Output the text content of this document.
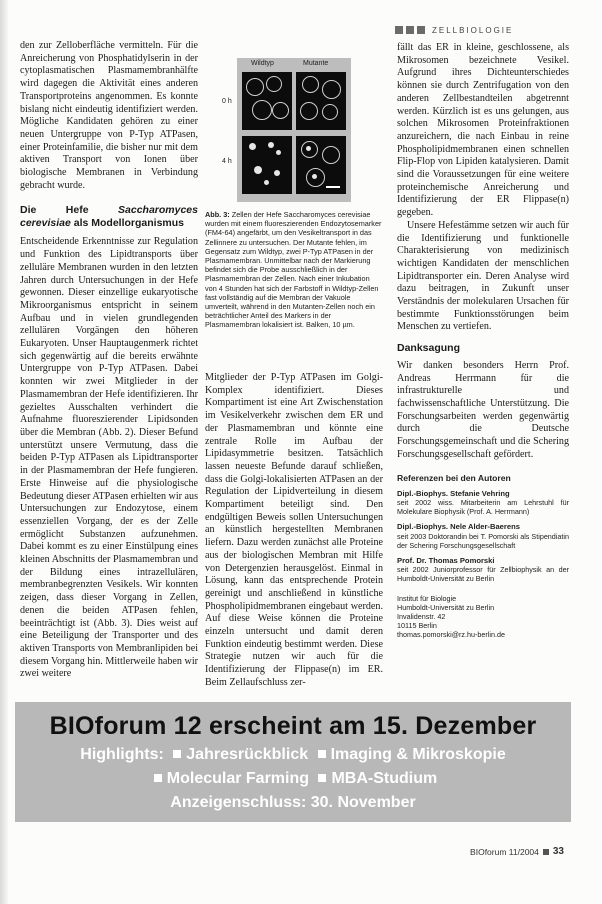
ZELLBIOLOGIE

den zur Zelloberfläche vermitteln. Für die Anreicherung von Phosphatidylserin in der cytoplasmatischen Plasmamembranhälfte wird dagegen die Aktivität eines anderen Transportproteins angenommen. Es konnte bislang nicht eindeutig identifiziert werden. Mögliche Kandidaten gehören zu einer neuen Untergruppe von P-Typ ATPasen, einer Proteinfamilie, die bisher nur mit dem aktiven Transport von Ionen über biologische Membranen in Verbindung gebracht wurde.

Die Hefe Saccharomyces cerevisiae als Modellorganismus

Entscheidende Erkenntnisse zur Regulation und Funktion des Lipidtransports über zelluläre Membranen wurden in den letzten Jahren durch Untersuchungen in der Hefe gewonnen. Dieser einzellige eukaryotische Mikroorganismus entspricht in seinem Aufbau und in vielen grundlegenden zellulären Vorgängen den höheren Eukaryoten. Unser Hauptaugenmerk richtet sich gegenwärtig auf die bereits erwähnte Untergruppe von P-Typ ATPasen. Dabei konnten wir zwei Mitglieder in der Plasmamembran der Hefe identifizieren. Ihr gezieltes Ausschalten verhindert die Aufnahme fluoreszierender Lipidsonden über die Membran (Abb. 2). Dieser Befund unterstützt unsere Vermutung, dass die beiden P-Typ ATPasen als Lipidtransporter in der Plasmamembran der Hefe fungieren. Erste Hinweise auf die physiologische Bedeutung dieser ATPasen erhielten wir aus Untersuchungen zur Endozytose, einem essenziellen Vorgang, der es der Zelle ermöglicht Substanzen aufzunehmen. Dabei kommt es zu einer Einstülpung eines kleinen Abschnitts der Plasmamembran und der Bildung eines intrazellulären, membranbegrenzten Vesikels. Wir konnten zeigen, dass dieser Vorgang in Zellen, denen die beiden ATPasen fehlen, beeinträchtigt ist (Abb. 3). Dies weist auf eine Beteiligung der Transporter und des aktiven Transports von Membranlipiden bei diesem Vorgang hin. Mittlerweile haben wir zwei weitere

Wildtyp	Mutante
0 h
4 h
Abb. 3: Zellen der Hefe Saccharomyces cerevisiae wurden mit einem fluoreszierenden Endozytosemarker (FM4-64) angefärbt, um den Vesikeltransport in das Zellinnere zu untersuchen. Der Mutante fehlen, im Gegensatz zum Wildtyp, zwei P-Typ ATPasen in der Plasmamembran. Unmittelbar nach der Markierung befindet sich die Probe ausschließlich in der Plasmamembran der Zellen. Nach einer Inkubation von 4 Stunden hat sich der Farbstoff in Wildtyp-Zellen fast vollständig auf die Membran der Vakuole umverteilt, während in den Mutanten-Zellen noch ein beträchtlicher Anteil des Markers in der Plasmamembran lokalisiert ist. Balken, 10 µm.

Mitglieder der P-Typ ATPasen im Golgi-Komplex identifiziert. Dieses Kompartiment ist eine Art Zwischenstation im Vesikelverkehr zwischen dem ER und der Plasmamembran und könnte eine zentrale Rolle im Aufbau der Lipidasymmetrie besitzen. Tatsächlich lassen neueste Befunde darauf schließen, dass die Golgi-lokalisierten ATPasen an der Regulation der Lipidverteilung in diesem Kompartiment beteiligt sind. Den endgültigen Beweis sollen Untersuchungen an künstlich hergestellten Membranen liefern. Dazu werden zunächst alle Proteine aus der biologischen Membran mit Hilfe von Detergenzien herausgelöst. Einmal in Lösung, kann das entsprechende Protein gereinigt und anschließend in künstliche Phospholipidmembranen eingebaut werden. Auf diese Weise können die Proteine einzeln untersucht und damit deren Funktion eindeutig bestimmt werden. Diese Strategie nutzen wir auch für die Identifizierung der Flippase(n) im ER. Beim Zellaufschluss zer-

fällt das ER in kleine, geschlossene, als Mikrosomen bezeichnete Vesikel. Aufgrund ihres Dichteunterschiedes können sie durch Zentrifugation von den anderen Zellbestandteilen abgetrennt werden. Kürzlich ist es uns gelungen, aus solchen Mikrosomen Proteinfraktionen anzureichern, die nach Einbau in reine Phospholipidmembranen einen schnellen Flip-Flop von Lipiden katalysieren. Damit sind die Voraussetzungen für eine weitere proteinchemische Anreicherung und Identifizierung der ER Flippase(n) gegeben.

Unsere Hefestämme setzen wir auch für die Identifizierung und funktionelle Charakterisierung von medizinisch wichtigen Kandidaten der menschlichen Lipidtransporter ein. Deren Analyse wird dazu beitragen, in Zukunft unser Verständnis der molekularen Ursachen für bestimmte Funktionsstörungen beim Menschen zu vertiefen.

Danksagung

Wir danken besonders Herrn Prof. Andreas Herrmann für die infrastrukturelle und fachwissenschaftliche Unterstützung. Die Forschungsarbeiten werden gegenwärtig durch die Deutsche Forschungsgemeinschaft und die Schering Forschungsgesellschaft gefördert.

Referenzen bei den Autoren
Dipl.-Biophys. Stefanie Vehring
seit 2002 wiss. Mitarbeiterin am Lehrstuhl für Molekulare Biophysik (Prof. A. Herrmann)
Dipl.-Biophys. Nele Alder-Baerens
seit 2003 Doktorandin bei T. Pomorski als Stipendiatin der Schering Forschungsgesellschaft
Prof. Dr. Thomas Pomorski
seit 2002 Juniorprofessor für Zellbiophysik an der Humboldt-Universität zu Berlin
Institut für Biologie
Humboldt-Universität zu Berlin
Invalidenstr. 42
10115 Berlin
thomas.pomorski@rz.hu-berlin.de
BIOforum 12 erscheint am 15. Dezember
Highlights: Jahresrückblick Imaging & Mikroskopie
Molecular Farming MBA-Studium
Anzeigenschluss: 30. November
BIOforum 11/2004 33
